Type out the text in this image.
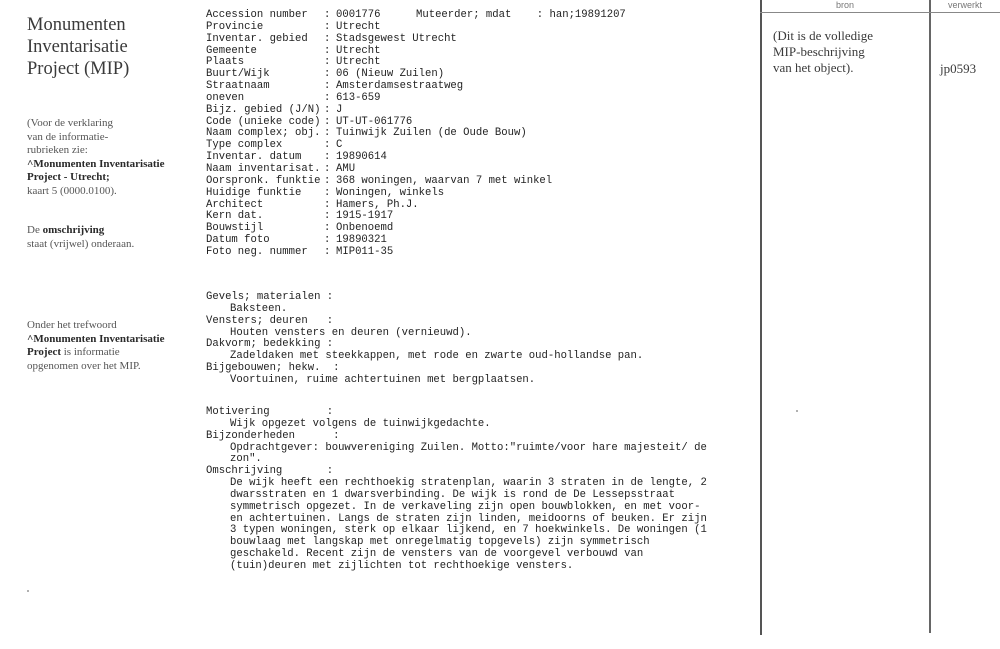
Monumenten
Inventarisatie
Project (MIP)
(Voor de verklaring
van de informatie-
rubrieken zie:
^Monumenten Inventarisatie
Project - Utrecht;
kaart 5 (0000.0100).
De omschrijving
staat (vrijwel) onderaan.
Onder het trefwoord
^Monumenten Inventarisatie
Project is informatie
opgenomen over het MIP.
Accession number	: 0001776
Provincie	: Utrecht
Inventar. gebied	: Stadsgewest Utrecht
Gemeente	: Utrecht
Plaats	: Utrecht
Buurt/Wijk	: 06 (Nieuw Zuilen)
Straatnaam	: Amsterdamsestraatweg
oneven	: 613-659
Bijz. gebied (J/N) : J
Code (unieke code) : UT-UT-061776
Naam complex; obj. : Tuinwijk Zuilen (de Oude Bouw)
Type complex	: C
Inventar. datum	: 19890614
Naam inventarisat. : AMU
Oorspronk. funktie : 368 woningen, waarvan 7 met winkel
Huidige funktie	: Woningen, winkels
Architect	: Hamers, Ph.J.
Kern dat.	: 1915-1917
Bouwstijl	: Onbenoemd
Datum foto	: 19890321
Foto neg. nummer	: MIP011-35
Muteerder; mdat    : han;19891207
Gevels; materialen :
Baksteen.
Vensters; deuren   :
Houten vensters en deuren (vernieuwd).
Dakvorm; bedekking :
Zadeldaken met steekkappen, met rode en zwarte oud-hollandse pan.
Bijgebouwen; hekw.  :
Voortuinen, ruime achtertuinen met bergplaatsen.
Motivering         :
Wijk opgezet volgens de tuinwijkgedachte.
Bijzonderheden      :
Opdrachtgever: bouwvereniging Zuilen. Motto:"ruimte/voor hare majesteit/ de
zon".
Omschrijving       :
De wijk heeft een rechthoekig stratenplan, waarin 3 straten in de lengte, 2
dwarsstraten en 1 dwarsverbinding. De wijk is rond de De Lessepsstraat
symmetrisch opgezet. In de verkaveling zijn open bouwblokken, en met voor-
en achtertuinen. Langs de straten zijn linden, meidoorns of beuken. Er zijn
3 typen woningen, sterk op elkaar lijkend, en 7 hoekwinkels. De woningen (1
bouwlaag met langskap met onregelmatig topgevels) zijn symmetrisch
geschakeld. Recent zijn de vensters van de voorgevel verbouwd van
(tuin)deuren met zijlichten tot rechthoekige vensters.
bron	verwerkt
(Dit is de volledige
MIP-beschrijving
van het object).	jp0593
